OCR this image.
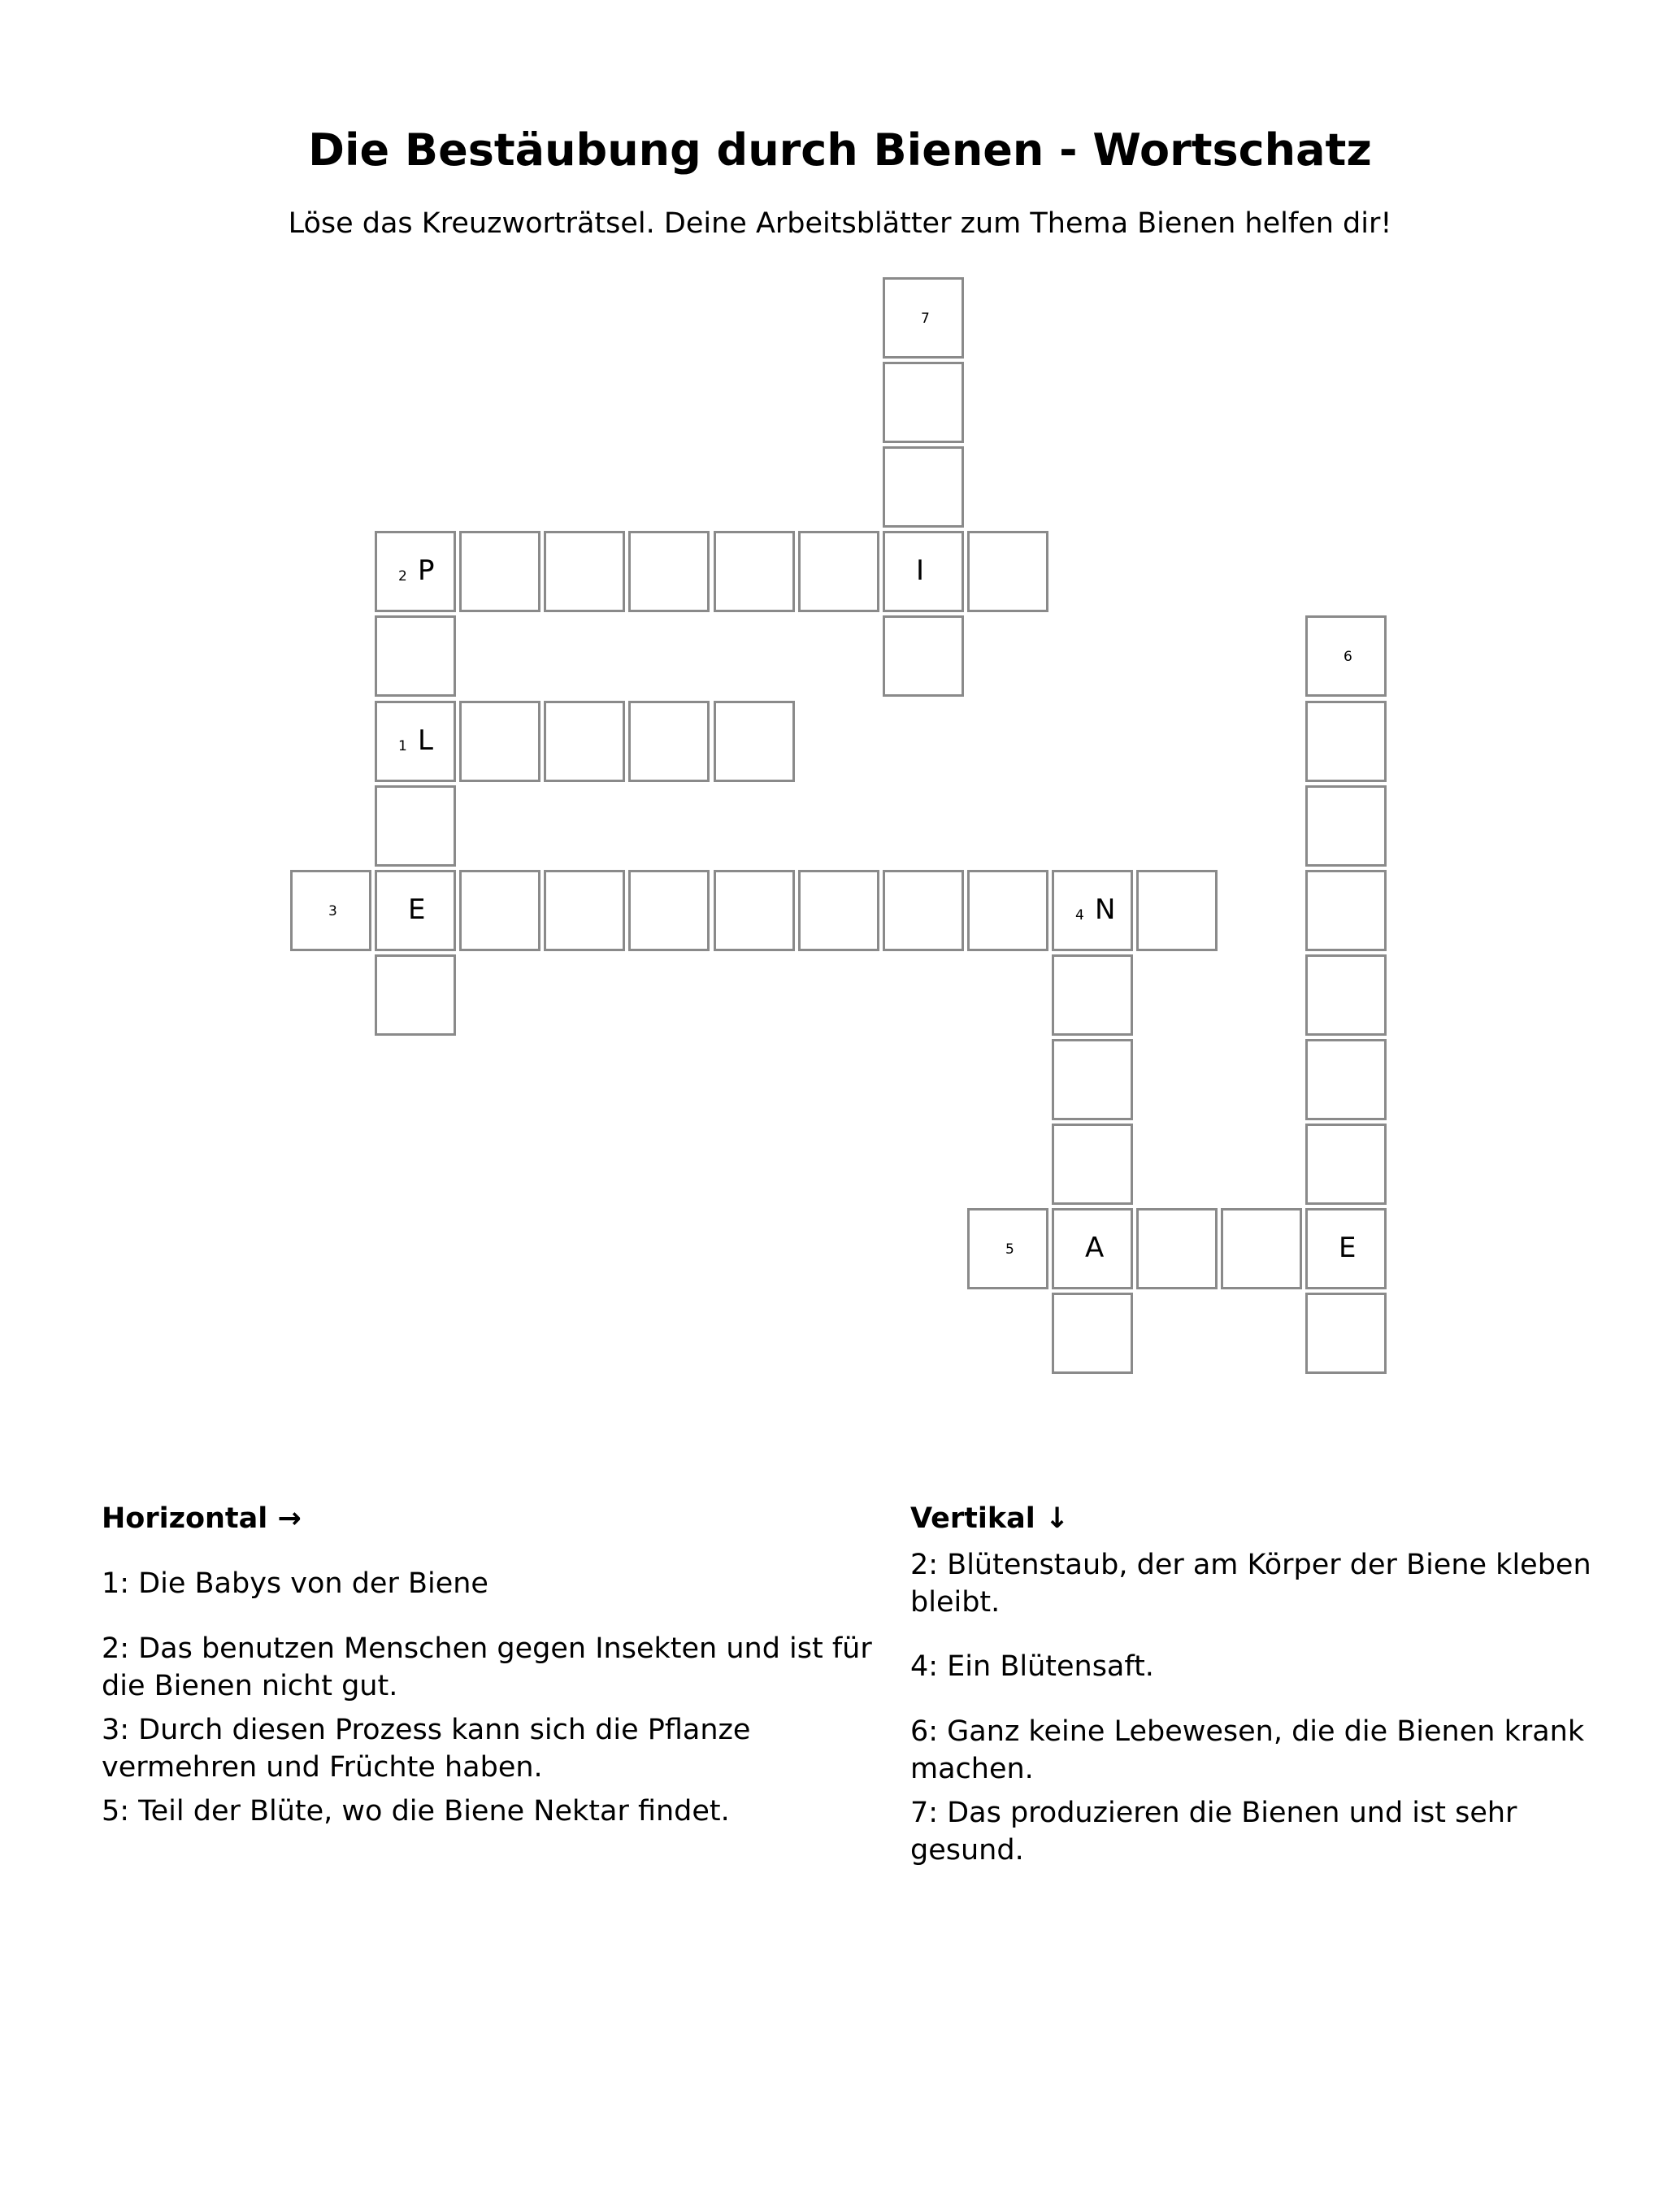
Die Bestäubung durch Bienen - Wortschatz
Löse das Kreuzworträtsel. Deine Arbeitsblätter zum Thema Bienen helfen dir!
7
2 P	I
6
1 L
3	E	4 N
5	A	E
Horizontal →
1: Die Babys von der Biene
2: Das benutzen Menschen gegen Insekten und ist für die Bienen nicht gut.
3: Durch diesen Prozess kann sich die Pflanze vermehren und Früchte haben.
5: Teil der Blüte, wo die Biene Nektar findet.
Vertikal ↓
2: Blütenstaub, der am Körper der Biene kleben bleibt.
4: Ein Blütensaft.
6: Ganz keine Lebewesen, die die Bienen krank machen.
7: Das produzieren die Bienen und ist sehr gesund.
